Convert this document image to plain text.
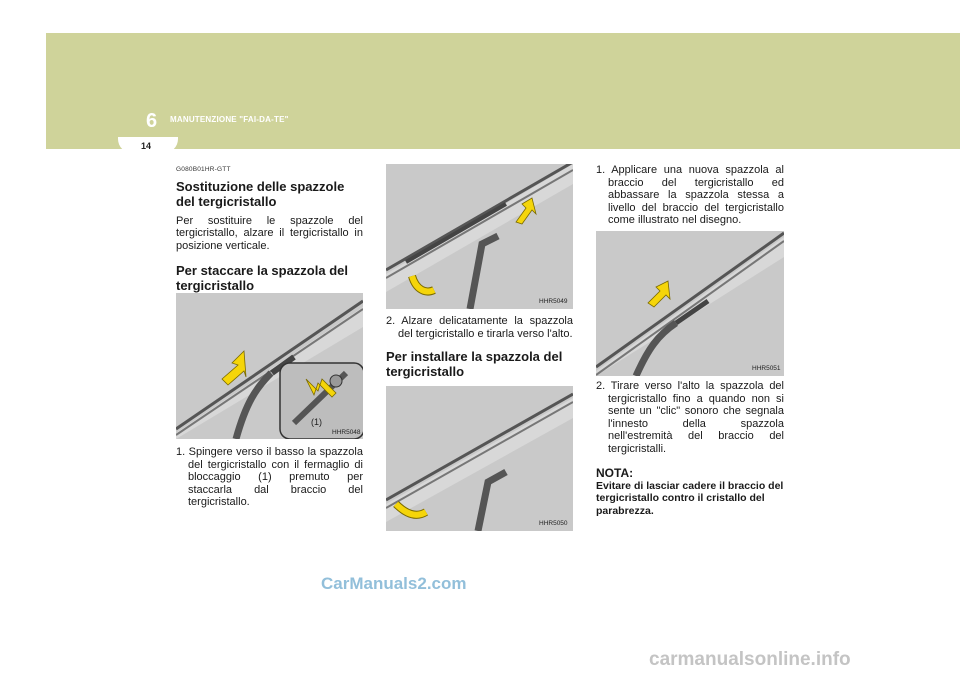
6 MANUTENZIONE "FAI-DA-TE"
14
G080B01HR-GTT
Sostituzione delle spazzole del tergicristallo

Per sostituire le spazzole del tergicristallo, alzare il tergicristallo in posizione verticale.

Per staccare la spazzola del tergicristallo
(1)
HHR5048

1. Spingere verso il basso la spazzola del tergicristallo con il fermaglio di bloccaggio (1) premuto per staccarla dal braccio del tergicristallo.

HHR5049

2. Alzare delicatamente la spazzola del tergicristallo e tirarla verso l'alto.

Per installare la spazzola del tergicristallo
HHR5050

1. Applicare una nuova spazzola al braccio del tergicristallo ed abbassare la spazzola stessa a livello del braccio del tergicristallo come illustrato nel disegno.

HHR5051

2. Tirare verso l'alto la spazzola del tergicristallo fino a quando non si sente un "clic" sonoro che segnala l'innesto della spazzola nell'estremità del braccio del tergicristalli.

NOTA:
Evitare di lasciar cadere il braccio del tergicristallo contro il cristallo del parabrezza.
CarManuals2.com
carmanualsonline.info
